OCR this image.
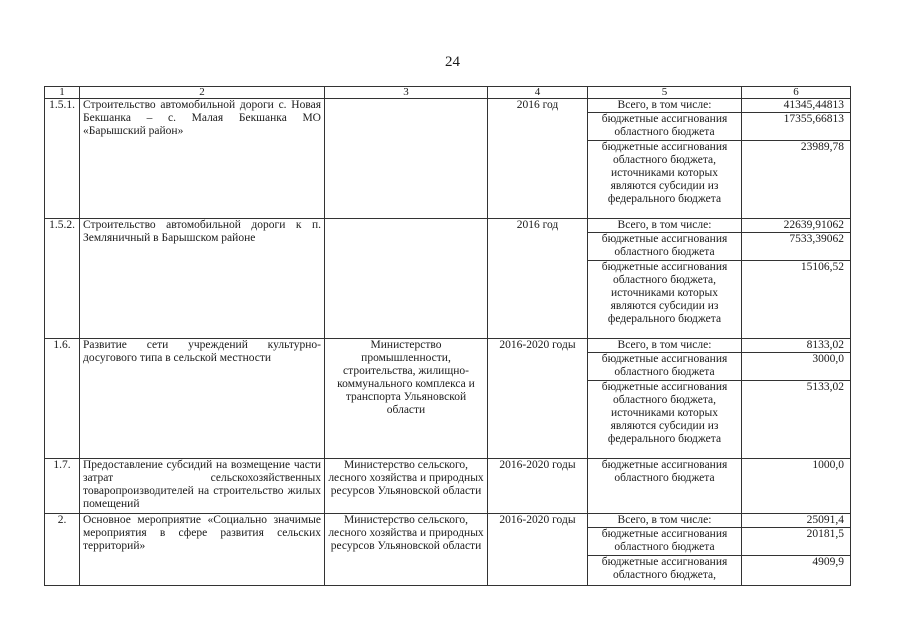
24
1	2	3	4	5	6
1.5.1.	Строительство автомобильной дороги с. Новая Бекшанка – с. Малая Бекшанка МО «Барышский район»		2016 год	Всего, в том числе:	41345,44813
				бюджетные ассигнования областного бюджета	17355,66813
				бюджетные ассигнования областного бюджета, источниками которых являются субсидии из федерального бюджета	23989,78
1.5.2.	Строительство автомобильной дороги к п. Земляничный в Барышском районе		2016 год	Всего, в том числе:	22639,91062
				бюджетные ассигнования областного бюджета	7533,39062
				бюджетные ассигнования областного бюджета, источниками которых являются субсидии из федерального бюджета	15106,52
1.6.	Развитие сети учреждений культурно-досугового типа в сельской местности	Министерство промышленности, строительства, жилищно-коммунального комплекса и транспорта Ульяновской области	2016-2020 годы	Всего, в том числе:	8133,02
				бюджетные ассигнования областного бюджета	3000,0
				бюджетные ассигнования областного бюджета, источниками которых являются субсидии из федерального бюджета	5133,02
1.7.	Предоставление субсидий на возмещение части затрат сельскохозяйственных товаропроизводителей на строительство жилых помещений	Министерство сельского, лесного хозяйства и природных ресурсов Ульяновской области	2016-2020 годы	бюджетные ассигнования областного бюджета	1000,0
2.	Основное мероприятие «Социально значимые мероприятия в сфере развития сельских территорий»	Министерство сельского, лесного хозяйства и природных ресурсов Ульяновской области	2016-2020 годы	Всего, в том числе:	25091,4
				бюджетные ассигнования областного бюджета	20181,5
				бюджетные ассигнования областного бюджета,	4909,9
